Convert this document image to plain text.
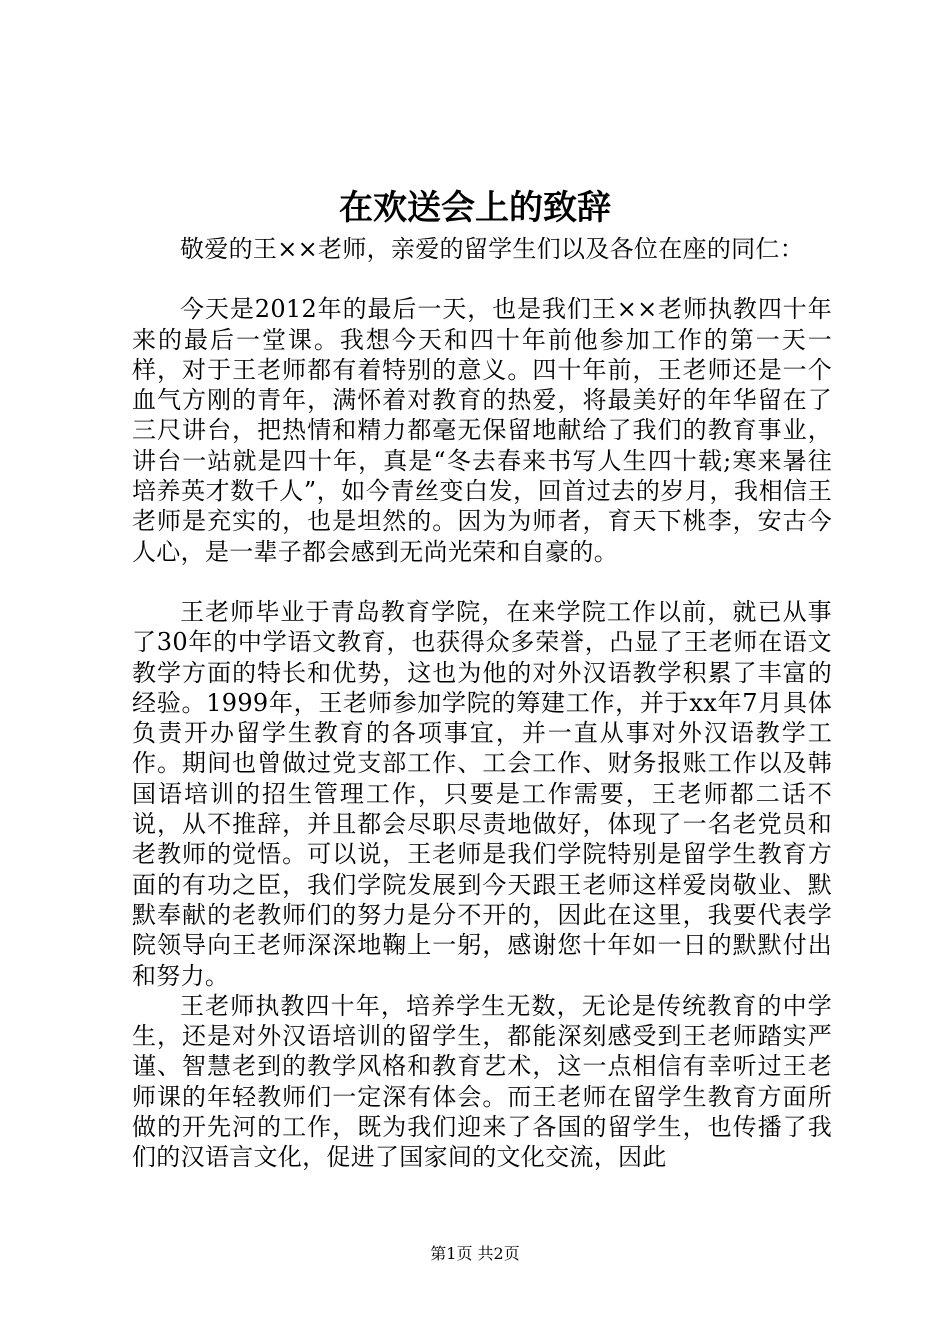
在欢送会上的致辞

敬爱的王××老师，亲爱的留学生们以及各位在座的同仁：

今天是2012年的最后一天，也是我们王××老师执教四十年来的最后一堂课。我想今天和四十年前他参加工作的第一天一样，对于王老师都有着特别的意义。四十年前，王老师还是一个血气方刚的青年，满怀着对教育的热爱，将最美好的年华留在了三尺讲台，把热情和精力都毫无保留地献给了我们的教育事业，讲台一站就是四十年，真是“冬去春来书写人生四十载;寒来暑往培养英才数千人”，如今青丝变白发，回首过去的岁月，我相信王老师是充实的，也是坦然的。因为为师者，育天下桃李，安古今人心，是一辈子都会感到无尚光荣和自豪的。

王老师毕业于青岛教育学院，在来学院工作以前，就已从事了30年的中学语文教育，也获得众多荣誉，凸显了王老师在语文教学方面的特长和优势，这也为他的对外汉语教学积累了丰富的经验。1999年，王老师参加学院的筹建工作，并于xx年7月具体负责开办留学生教育的各项事宜，并一直从事对外汉语教学工作。期间也曾做过党支部工作、工会工作、财务报账工作以及韩国语培训的招生管理工作，只要是工作需要，王老师都二话不说，从不推辞，并且都会尽职尽责地做好，体现了一名老党员和老教师的觉悟。可以说，王老师是我们学院特别是留学生教育方面的有功之臣，我们学院发展到今天跟王老师这样爱岗敬业、默默奉献的老教师们的努力是分不开的，因此在这里，我要代表学院领导向王老师深深地鞠上一躬，感谢您十年如一日的默默付出和努力。

王老师执教四十年，培养学生无数，无论是传统教育的中学生，还是对外汉语培训的留学生，都能深刻感受到王老师踏实严谨、智慧老到的教学风格和教育艺术，这一点相信有幸听过王老师课的年轻教师们一定深有体会。而王老师在留学生教育方面所做的开先河的工作，既为我们迎来了各国的留学生，也传播了我们的汉语言文化，促进了国家间的文化交流，因此

第1页 共2页
